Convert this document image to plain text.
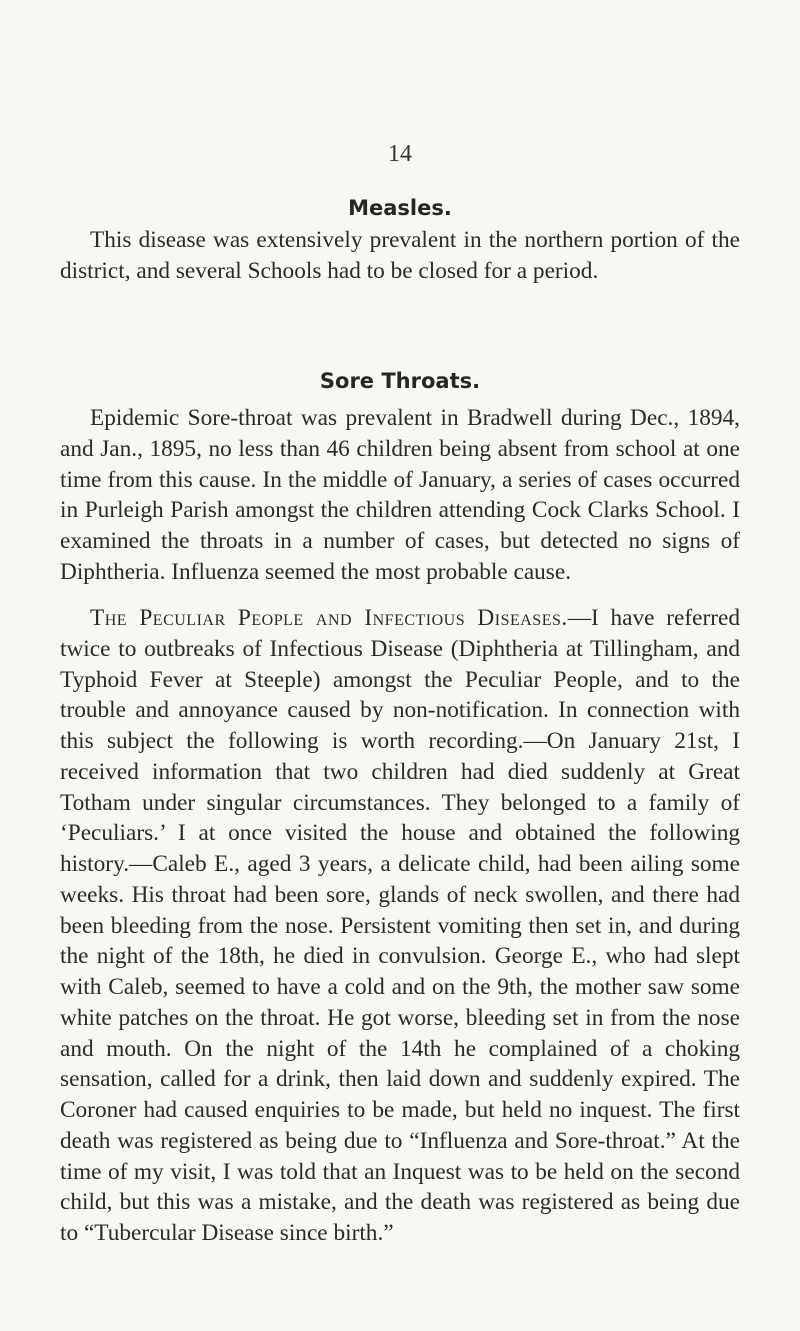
14
Measles.

This disease was extensively prevalent in the northern portion of the district, and several Schools had to be closed for a period.

Sore Throats.

Epidemic Sore-throat was prevalent in Bradwell during Dec., 1894, and Jan., 1895, no less than 46 children being absent from school at one time from this cause. In the middle of January, a series of cases occurred in Purleigh Parish amongst the children attending Cock Clarks School. I examined the throats in a number of cases, but detected no signs of Diphtheria. Influenza seemed the most probable cause.

The Peculiar People and Infectious Diseases.—I have referred twice to outbreaks of Infectious Disease (Diphtheria at Tillingham, and Typhoid Fever at Steeple) amongst the Peculiar People, and to the trouble and annoyance caused by non-notification. In connection with this subject the following is worth recording.—On January 21st, I received information that two children had died suddenly at Great Totham under singular circumstances. They belonged to a family of ‘Peculiars.’ I at once visited the house and obtained the following history.—Caleb E., aged 3 years, a delicate child, had been ailing some weeks. His throat had been sore, glands of neck swollen, and there had been bleeding from the nose. Persistent vomiting then set in, and during the night of the 18th, he died in convulsion. George E., who had slept with Caleb, seemed to have a cold and on the 9th, the mother saw some white patches on the throat. He got worse, bleeding set in from the nose and mouth. On the night of the 14th he complained of a choking sensation, called for a drink, then laid down and suddenly expired. The Coroner had caused enquiries to be made, but held no inquest. The first death was registered as being due to “Influenza and Sore-throat.” At the time of my visit, I was told that an Inquest was to be held on the second child, but this was a mistake, and the death was registered as being due to “Tubercular Disease since birth.”
